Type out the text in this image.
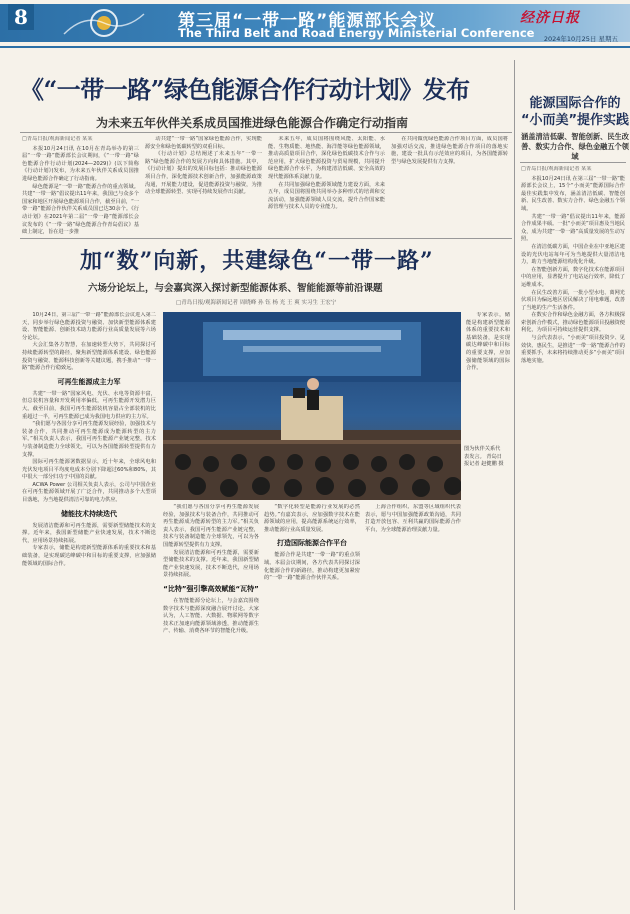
8	第三届“一带一路”能源部长会议
The Third Belt and Road Energy Ministerial Conference
经济日报
2024年10月25日 星期五
《“一带一路”绿色能源合作行动计划》发布
为未来五年伙伴关系成员国推进绿色能源合作确定行动指南

□青岛日报/观海新闻记者 某某

本报10月24日讯 在10月在青岛举办的第三届“一带一路”能源部长会议期间，《“一带一路”绿色能源合作行动计划(2024—2029)》(以下简称《行动计划》)发布，为未来五年伙伴关系成员国推进绿色能源合作确定了行动指南。

绿色能源是“一带一路”能源合作的重点领域。共建“一带一路”倡议提出11年来，我国已与众多个国家和地区开展绿色能源项目合作，截至目前，“一带一路”能源合作伙伴关系成员国已达30余个。《行动计划》在2021年第二届“一带一路”能源部长会议发布的《“一带一路”绿色能源合作青岛倡议》基础上制定，旨在进一步推

动共建“一带一路”国家绿色能源合作，实现能源安全和绿色低碳转型的双重目标。

《行动计划》总结阐述了未来五年“一带一路”绿色能源合作的发展方向和具体措施。其中，《行动计划》提出的发展目标包括：推动绿色能源项目合作，深化能源技术创新合作，加强能源政策沟通，开展能力建设，促进能源投资与融资，为推动全球能源转型、实现可持续发展作出贡献。

未来五年，成员国将围绕风能、太阳能、水能、生物质能、地热能、海洋能等绿色能源领域，推动高质量项目合作，深化绿色低碳技术合作与示范应用，扩大绿色能源投资与贸易规模，共同提升绿色能源合作水平，为构建清洁低碳、安全高效的现代能源体系贡献力量。

在共同加强绿色能源领域能力建设方面，未来五年，成员国将围绕共同举办多种形式的培训和交流活动，加强能源领域人员交流，提升合作国家能源管理与技术人员的专业能力。

在共同做优绿色能源合作项目方面，成员国将加强对话交流，推进绿色能源合作项目的落地实施，建设一批具有示范效应的项目，为各国能源转型与绿色发展提供有力支撑。

加“数”向新，共建绿色“一带一路”
六场分论坛上，与会嘉宾深入探讨新型能源体系、智能能源等前沿课题
□青岛日报/观海新闻记者 周晓峰 孙 钰 杨 光 王 爽 实习生 王宏宁

10月24日，第三届“一带一路”能源部长会议进入第二天，同步举行绿色能源投资与融资、加快新型能源体系建设、智能能源、创新技术助力能源行业高质量发展等六场分论坛。

大会汇集各方智慧，在加速转型大势下，共同探讨可持续能源转型的路径，聚焦新型能源体系建设、绿色能源投资与融资、能源科技创新等关键议题，携手推动“一带一路”能源合作行稳致远。

可再生能源成主力军

共建“一带一路”国家风电、光伏、水电等资源丰富，但总装机容量和开发利用率偏低，可再生能源开发潜力巨大。截至目前，我国可再生能源装机容量占全部装机的比重超过一半，可再生能源已成为我国电力供应的主力军。

“我们愿与各国分享可再生能源发展经验，加强技术与装备合作，共同推动可再生能源成为能源转型的主力军。”相关负责人表示，我国可再生能源产业链完整，技术与装备制造能力全球领先，可以为各国能源转型提供有力支撑。

国际可再生能源署数据显示，近十年来，全球风电和光伏发电项目平均度电成本分别下降超过60%和80%，其中很大一部分归功于中国的贡献。

ACWA Power 公司相关负责人表示，公司与中国企业在可再生能源领域开展了广泛合作，共同推动多个大型项目落地，为当地提供清洁可靠的电力供应。

储能技术持续迭代

发展清洁能源和可再生能源，需要新型储能技术的支撑。近年来，我国新型储能产业快速发展，技术不断迭代，应用场景持续拓展。

专家表示，储能是构建新型能源体系的重要技术和基础装备，是实现碳达峰碳中和目标的重要支撑，应加强储能领域的国际合作。

图为伙伴关系代表发言。 青岛日报记者 赵健鹏 摄

“我们愿与各国分享可再生能源发展经验，加强技术与装备合作，共同推动可再生能源成为能源转型的主力军。”相关负责人表示，我国可再生能源产业链完整，技术与装备制造能力全球领先，可以为各国能源转型提供有力支撑。

发展清洁能源和可再生能源，需要新型储能技术的支撑。近年来，我国新型储能产业快速发展，技术不断迭代，应用场景持续拓展。

“比特”强引擎高效赋能“瓦特”

在智能能源分论坛上，与会嘉宾围绕数字技术与能源深度融合展开讨论。大家认为，人工智能、大数据、物联网等数字技术正加速向能源领域渗透，推动能源生产、传输、消费各环节的智能化升级。

“数字化转型是能源行业发展的必然趋势。”有嘉宾表示，应加强数字技术在能源领域的应用，提高能源系统运行效率，推动能源行业高质量发展。

打造国际能源合作平台

能源合作是共建“一带一路”的重点领域。本届会议期间，各方代表共同探讨深化能源合作的新路径，推动构建更加紧密的“一带一路”能源合作伙伴关系。

上海合作组织、东盟等区域组织代表表示，愿与中国加强能源政策沟通，共同打造开放包容、互利共赢的国际能源合作平台，为全球能源治理贡献力量。

专家表示，储能是构建新型能源体系的重要技术和基础装备，是实现碳达峰碳中和目标的重要支撑，应加强储能领域的国际合作。

能源国际合作的
“小而美”提作实践
涵盖清洁低碳、智能创新、民生改善、数实力合作、绿色金融五个领域

□青岛日报/观海新闻记者 某某

本报10月24日讯 在第三届“一带一路”能源部长会议上，15个“小而美”能源国际合作最佳实践集中发布，涵盖清洁低碳、智能创新、民生改善、数实力合作、绿色金融五个领域。

共建“一带一路”倡议提出11年来，能源合作成果丰硕。一批“小而美”项目惠及当地民众，成为共建“一带一路”高质量发展的生动写照。

在清洁低碳方面，中国企业在中亚地区建设的光伏电站每年可为当地提供大量清洁电力，助力当地能源结构优化升级。

在智能创新方面，数字化技术在能源项目中的应用，显著提升了电站运行效率，降低了运维成本。

在民生改善方面，一批小型水电、离网光伏项目为偏远地区居民解决了用电难题，改善了当地的生产生活条件。

在数实合作和绿色金融方面，各方积极探索创新合作模式，推动绿色能源项目投融资便利化，为项目可持续运营提供支撑。

与会代表表示，“小而美”项目投资少、见效快、惠民生，是推进“一带一路”能源合作的重要抓手，未来将持续推动更多“小而美”项目落地实施。
